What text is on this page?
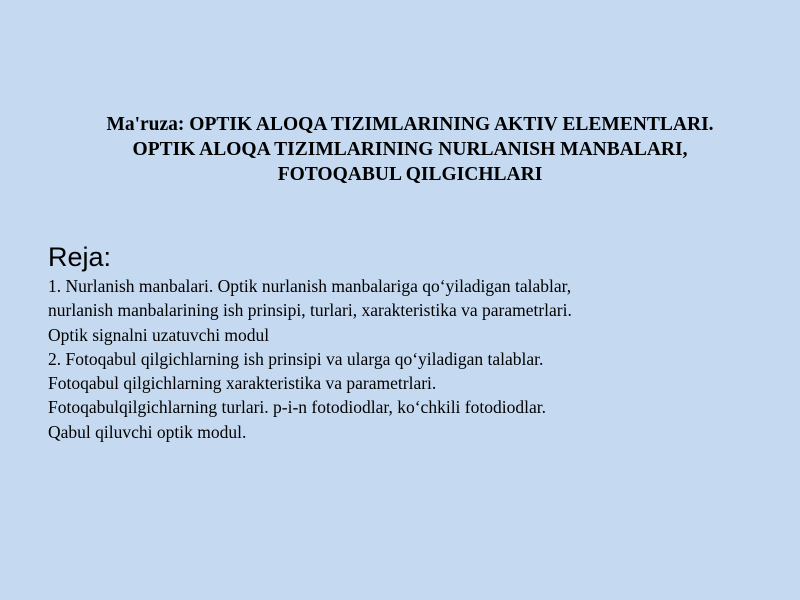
Ma'ruza: OPTIK ALOQA TIZIMLARINING AKTIV ELEMENTLARI.
OPTIK ALOQA TIZIMLARINING NURLANISH MANBALARI,
FOTOQABUL QILGICHLARI
Reja:
1. Nurlanish manbalari. Optik nurlanish manbalariga qo‘yiladigan talablar,
nurlanish manbalarining ish prinsipi, turlari, xarakteristika va parametrlari.
Optik signalni uzatuvchi modul
2. Fotoqabul qilgichlarning ish prinsipi va ularga qo‘yiladigan talablar.
Fotoqabul qilgichlarning xarakteristika va parametrlari.
Fotoqabulqilgichlarning turlari. p-i-n fotodiodlar, ko‘chkili fotodiodlar.
Qabul qiluvchi optik modul.
